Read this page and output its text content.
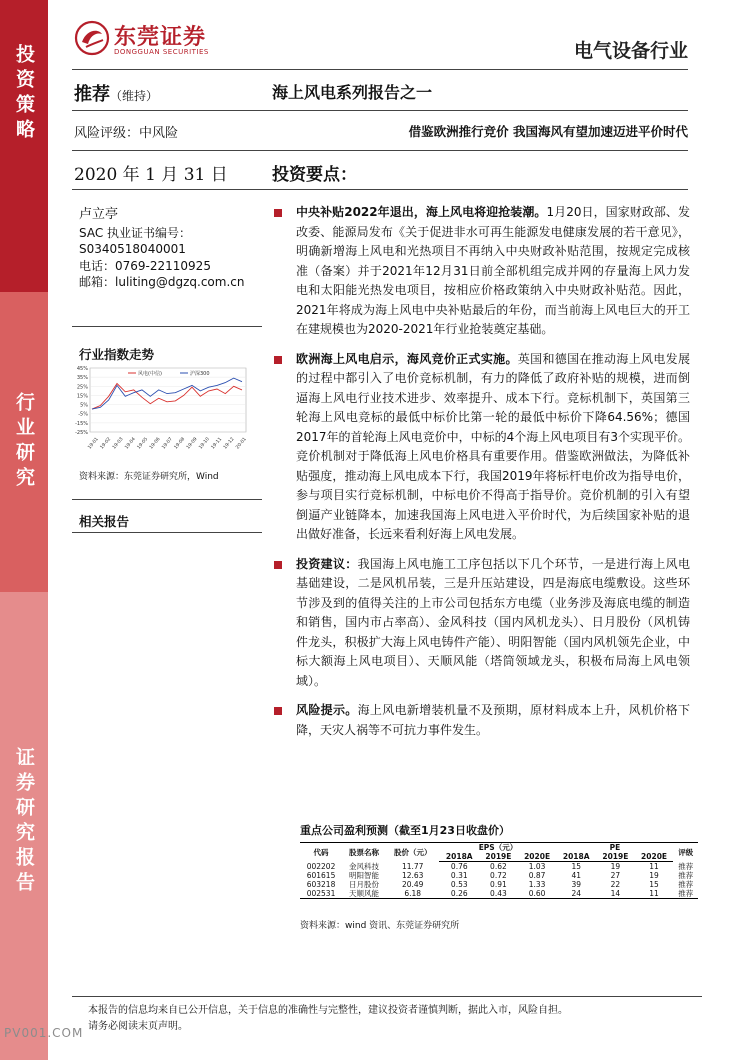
投资策略
行业研究
证券研究报告
东莞证券
DONGGUAN SECURITIES	电气设备行业
推荐（维持）	海上风电系列报告之一
风险评级：中风险	借鉴欧洲推行竞价 我国海风有望加速迈进平价时代
2020 年 1 月 31 日	投资要点：
卢立亭
SAC 执业证书编号：
S0340518040001
电话：0769-22110925
邮箱：luliting@dgzq.com.cn
行业指数走势
45%
35%
25%
15%
5%
-5%
-15%
-25%
19-01 19-02 19-03 19-04 19-05 19-06 19-07 19-08 19-09 19-10 19-11 19-12 20-01
风电(中信)	沪深300
资料来源：东莞证券研究所，Wind
相关报告
中央补贴2022年退出，海上风电将迎抢装潮。1月20日，国家财政部、发改委、能源局发布《关于促进非水可再生能源发电健康发展的若干意见》，明确新增海上风电和光热项目不再纳入中央财政补贴范围，按规定完成核准（备案）并于2021年12月31日前全部机组完成并网的存量海上风力发电和太阳能光热发电项目，按相应价格政策纳入中央财政补贴范。因此，2021年将成为海上风电中央补贴最后的年份，而当前海上风电巨大的开工在建规模也为2020-2021年行业抢装奠定基础。
欧洲海上风电启示，海风竞价正式实施。英国和德国在推动海上风电发展的过程中都引入了电价竞标机制，有力的降低了政府补贴的规模，进而倒逼海上风电行业技术进步、效率提升、成本下行。竞标机制下，英国第三轮海上风电竞标的最低中标价比第一轮的最低中标价下降64.56%；德国2017年的首轮海上风电竞价中，中标的4个海上风电项目有3个实现平价。竞价机制对于降低海上风电价格具有重要作用。借鉴欧洲做法，为降低补贴强度，推动海上风电成本下行，我国2019年将标杆电价改为指导电价，参与项目实行竞标机制，中标电价不得高于指导价。竞价机制的引入有望倒逼产业链降本，加速我国海上风电进入平价时代，为后续国家补贴的退出做好准备，长远来看利好海上风电发展。
投资建议：我国海上风电施工工序包括以下几个环节，一是进行海上风电基础建设，二是风机吊装，三是升压站建设，四是海底电缆敷设。这些环节涉及到的值得关注的上市公司包括东方电缆（业务涉及海底电缆的制造和销售，国内市占率高）、金风科技（国内风机龙头）、日月股份（风机铸件龙头，积极扩大海上风电铸件产能）、明阳智能（国内风机领先企业，中标大额海上风电项目）、天顺风能（塔筒领域龙头，积极布局海上风电领域）。
风险提示。海上风电新增装机量不及预期，原材料成本上升，风机价格下降，天灾人祸等不可抗力事件发生。
重点公司盈利预测（截至1月23日收盘价）
代码	股票名称	股价（元）	EPS（元）			PE			评级
			2018A	2019E	2020E	2018A	2019E	2020E	
002202	金风科技	11.77	0.76	0.62	1.03	15	19	11	推荐
601615	明阳智能	12.63	0.31	0.72	0.87	41	27	19	推荐
603218	日月股份	20.49	0.53	0.91	1.33	39	22	15	推荐
002531	天顺风能	6.18	0.26	0.43	0.60	24	14	11	推荐
资料来源：wind 资讯、东莞证券研究所
本报告的信息均来自已公开信息，关于信息的准确性与完整性，建议投资者谨慎判断，据此入市，风险自担。
请务必阅读末页声明。
PV001.COM
